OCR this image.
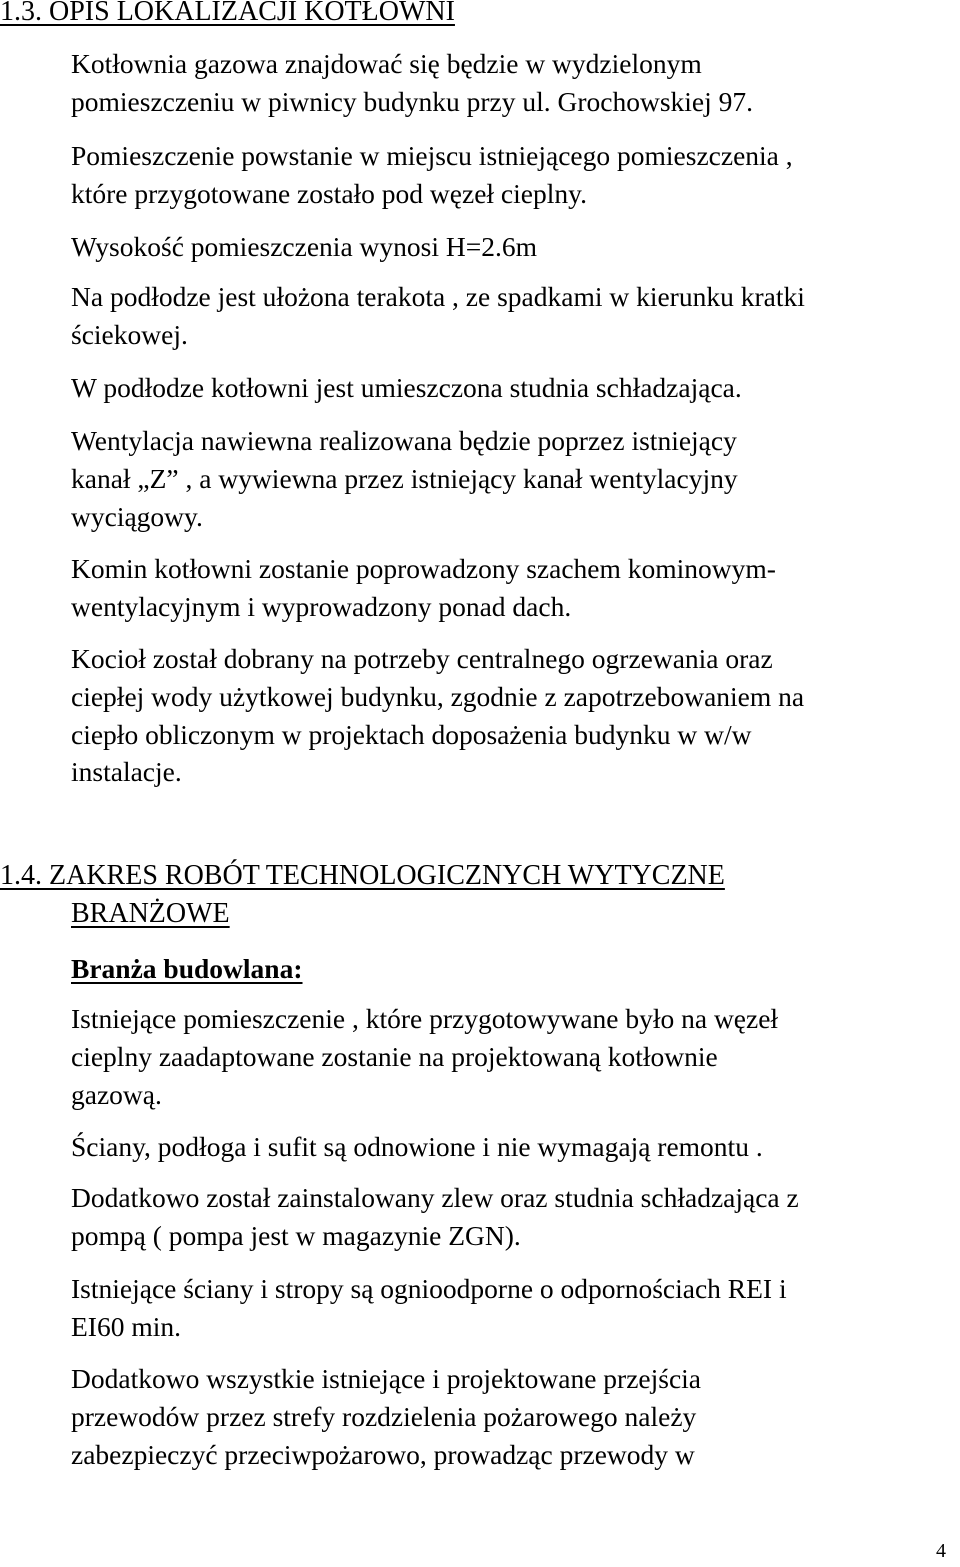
1.3. OPIS LOKALIZACJI KOTŁOWNI

Kotłownia gazowa znajdować się będzie w wydzielonym
pomieszczeniu w piwnicy budynku przy ul. Grochowskiej 97.

Pomieszczenie powstanie w miejscu istniejącego pomieszczenia ,
które przygotowane zostało pod węzeł cieplny.

Wysokość pomieszczenia wynosi H=2.6m

Na podłodze jest ułożona terakota , ze spadkami w kierunku kratki
ściekowej.

W podłodze kotłowni jest umieszczona studnia schładzająca.

Wentylacja nawiewna realizowana będzie poprzez istniejący
kanał „Z” , a wywiewna przez istniejący kanał wentylacyjny
wyciągowy.

Komin kotłowni zostanie poprowadzony szachem kominowym-
wentylacyjnym i wyprowadzony ponad dach.

Kocioł został dobrany na potrzeby centralnego ogrzewania oraz
ciepłej wody użytkowej budynku, zgodnie z zapotrzebowaniem na
ciepło obliczonym w projektach doposażenia budynku w w/w
instalacje.

1.4. ZAKRES ROBÓT TECHNOLOGICZNYCH WYTYCZNE
BRANŻOWE
Branża budowlana:

Istniejące pomieszczenie , które przygotowywane było na węzeł
cieplny zaadaptowane zostanie na projektowaną kotłownie
gazową.

Ściany, podłoga i sufit są odnowione i nie wymagają remontu .

Dodatkowo został zainstalowany zlew oraz studnia schładzająca z
pompą ( pompa jest w magazynie ZGN).

Istniejące ściany i stropy są ognioodporne o odpornościach REI i
EI60 min.

Dodatkowo wszystkie istniejące i projektowane przejścia
przewodów przez strefy rozdzielenia pożarowego należy
zabezpieczyć przeciwpożarowo, prowadząc przewody w

4
